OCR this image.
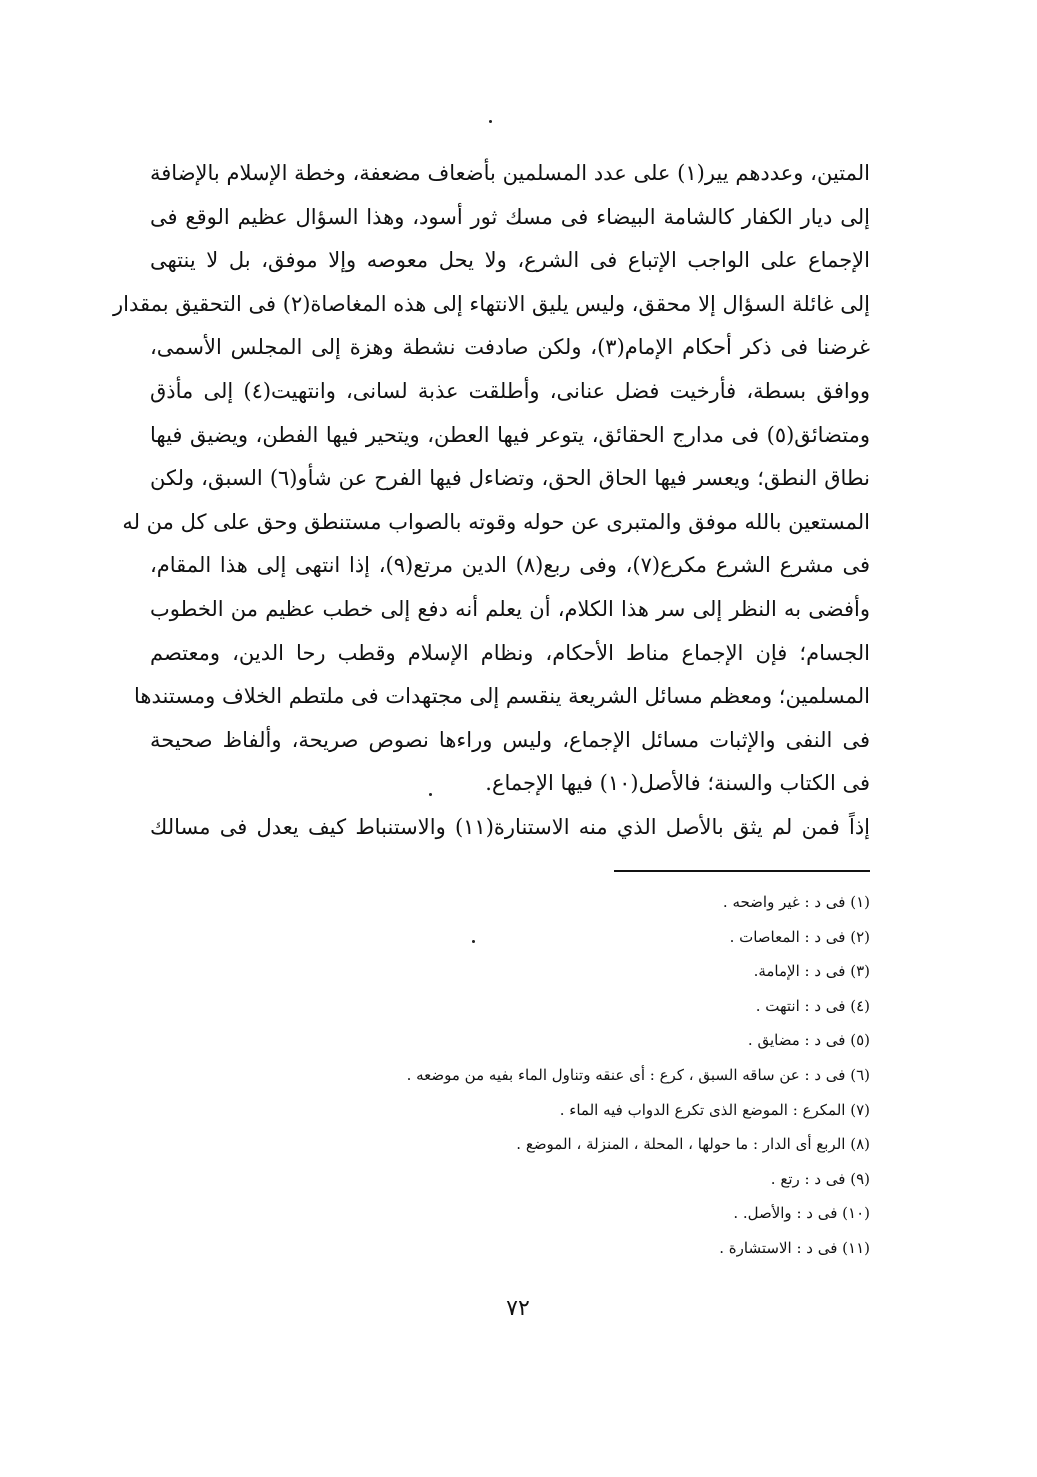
المتين، وعددهم يير(١) على عدد المسلمين بأضعاف مضعفة، وخطة الإسلام بالإضافة
إلى ديار الكفار كالشامة البيضاء فى مسك ثور أسود، وهذا السؤال عظيم الوقع فى
الإجماع على الواجب الإتباع فى الشرع، ولا يحل معوصه وإلا موفق، بل لا ينتهى
إلى غائلة السؤال إلا محقق، وليس يليق الانتهاء إلى هذه المغاصاة(٢) فى التحقيق بمقدار
غرضنا فى ذكر أحكام الإمام(٣)، ولكن صادفت نشطة وهزة إلى المجلس الأسمى،
ووافق بسطة، فأرخيت فضل عنانى، وأطلقت عذبة لسانى، وانتهيت(٤) إلى مأذق
ومتضائق(٥) فى مدارج الحقائق، يتوعر فيها العطن، ويتحير فيها الفطن، ويضيق فيها
نطاق النطق؛ ويعسر فيها الحاق الحق، وتضاءل فيها الفرح عن شأو(٦) السبق، ولكن
المستعين بالله موفق والمتبرى عن حوله وقوته بالصواب مستنطق وحق على كل من له
فى مشرع الشرع مكرع(٧)، وفى ربع(٨) الدين مرتع(٩)، إذا انتهى إلى هذا المقام،
وأفضى به النظر إلى سر هذا الكلام، أن يعلم أنه دفع إلى خطب عظيم من الخطوب
الجسام؛ فإن الإجماع مناط الأحكام، ونظام الإسلام وقطب رحا الدين، ومعتصم
المسلمين؛ ومعظم مسائل الشريعة ينقسم إلى مجتهدات فى ملتطم الخلاف ومستندها
فى النفى والإثبات مسائل الإجماع، وليس وراءها نصوص صريحة، وألفاظ صحيحة
فى الكتاب والسنة؛ فالأصل(١٠) فيها الإجماع.
إذاً فمن لم يثق بالأصل الذي منه الاستنارة(١١) والاستنباط كيف يعدل فى مسالك
(١) فى د : غير واضحه .
(٢) فى د : المعاصات .
(٣) فى د : الإمامة.
(٤) فى د : انتهت .
(٥) فى د : مضايق .
(٦) فى د : عن ساقه السبق ، كرع : أى عنقه وتناول الماء بفيه من موضعه .
(٧) المكرع : الموضع الذى تكرع الدواب فيه الماء .
(٨) الربع أى الدار : ما حولها ، المحلة ، المنزلة ، الموضع .
(٩) فى د : رتع .
(١٠) فى د : والأصل. .
(١١) فى د : الاستشارة .
٧٢
